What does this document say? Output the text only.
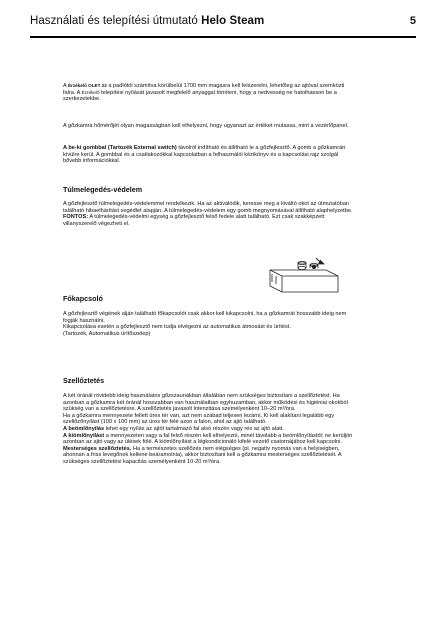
Használati és telepítési útmutató Helo Steam	5
A Érzékelő OLET 22 a padlótól számítva körülbelül 1700 mm magasra kell felszerelni, lehetőleg az ajtóval szemközti
falra. A Érzékelő telepítési nyílását javasolt megfelelő anyaggal tömíteni, hogy a nedvesség ne hatolhasson be a
szerkezetekbe.
A gőzkamra hőmérőjét olyan magasságban kell elhelyezni, hogy ugyanazt az értéket mutassa, mint a vezérlőpanel.
A be-ki gombbal (Tartozék External switch) távolról indítható és állítható le a gőzfejlesztő. A gomb a gőzkamrán
kívülre kerül. A gombbal és a csatlakozókkal kapcsolatban a felhasználói kézikönyv és a kapcsolási rajz szolgál
bővebb információkkal.
Túlmelegedés-védelem
A gőzfejlesztő túlmelegedés-védelemmel rendelkezik. Ha az aktiválódik, keresse meg a kiváltó okot az útmutatóban
található hibaelhárítási segédlet alapján. A túlmelegedés-védelem egy gomb megnyomásával állítható alaphelyzetbe.
FONTOS: A túlmelegedés-védelmi egység a gőzfejlesztő felső fedele alatt található. Ezt csak szakképzett
villanyszerelő végezheti el.
Főkapcsoló
A gőzfejlesztő végének alján található főkapcsolót csak akkor kell kikapcsolni, ha a gőzkamrát hosszabb ideig nem
fogják használni.
Kikapcsolása esetén a gőzfejlesztő nem tudja elvégezni az automatikus átmosást és ürítést.
(Tartozék, Automatikus ürítőszelep)
Szellőztetés
A két óránál rövidebb ideig használatos gőzszaunákban általában nem szükséges biztosítani a szellőztetést. Ha
azonban a gőzkamra két óránál hosszabban van használatban egyhuzamban, akkor működési és higiéniai okokból
szükség van a szellőztetésre. A szellőztetés javasolt intenzitása személyenként 10–20 m³/óra.
Ha a gőzkamra mennyezete fellett üres tér van, azt nem szabad teljesen lezárni. Ki kell alakítani legalább egy
szellőzőnyílást (100 x 100 mm) az üres tér felé azon a falon, ahol az ajtó található.
A beömlőnyílás lehet egy nyílás az ajtót tartalmazó fal alsó részén vagy rés az ajtó alatt.
A kiömlőnyílást a mennyezeten vagy a fal felső részén kell elhelyezni, minél távolabb a beömlőnyílástól; ne kerüljön
azonban az ajtó vagy az ülések fölé. A kiömlőnyílást a légkondicionáló kifelé vezető csatornájához kell kapcsolni.
Mesterséges szellőztetés. Ha a természetes szellőzés nem elégséges (pl. negatív nyomás van a helyiségben,
ahonnan a friss levegőnek kellene beáramolnia), akkor biztosítani kell a gőzkamra mesterséges szellőztetését. A
szükséges szellőztetési kapacitás személyenként 10-20 m³/óra.
